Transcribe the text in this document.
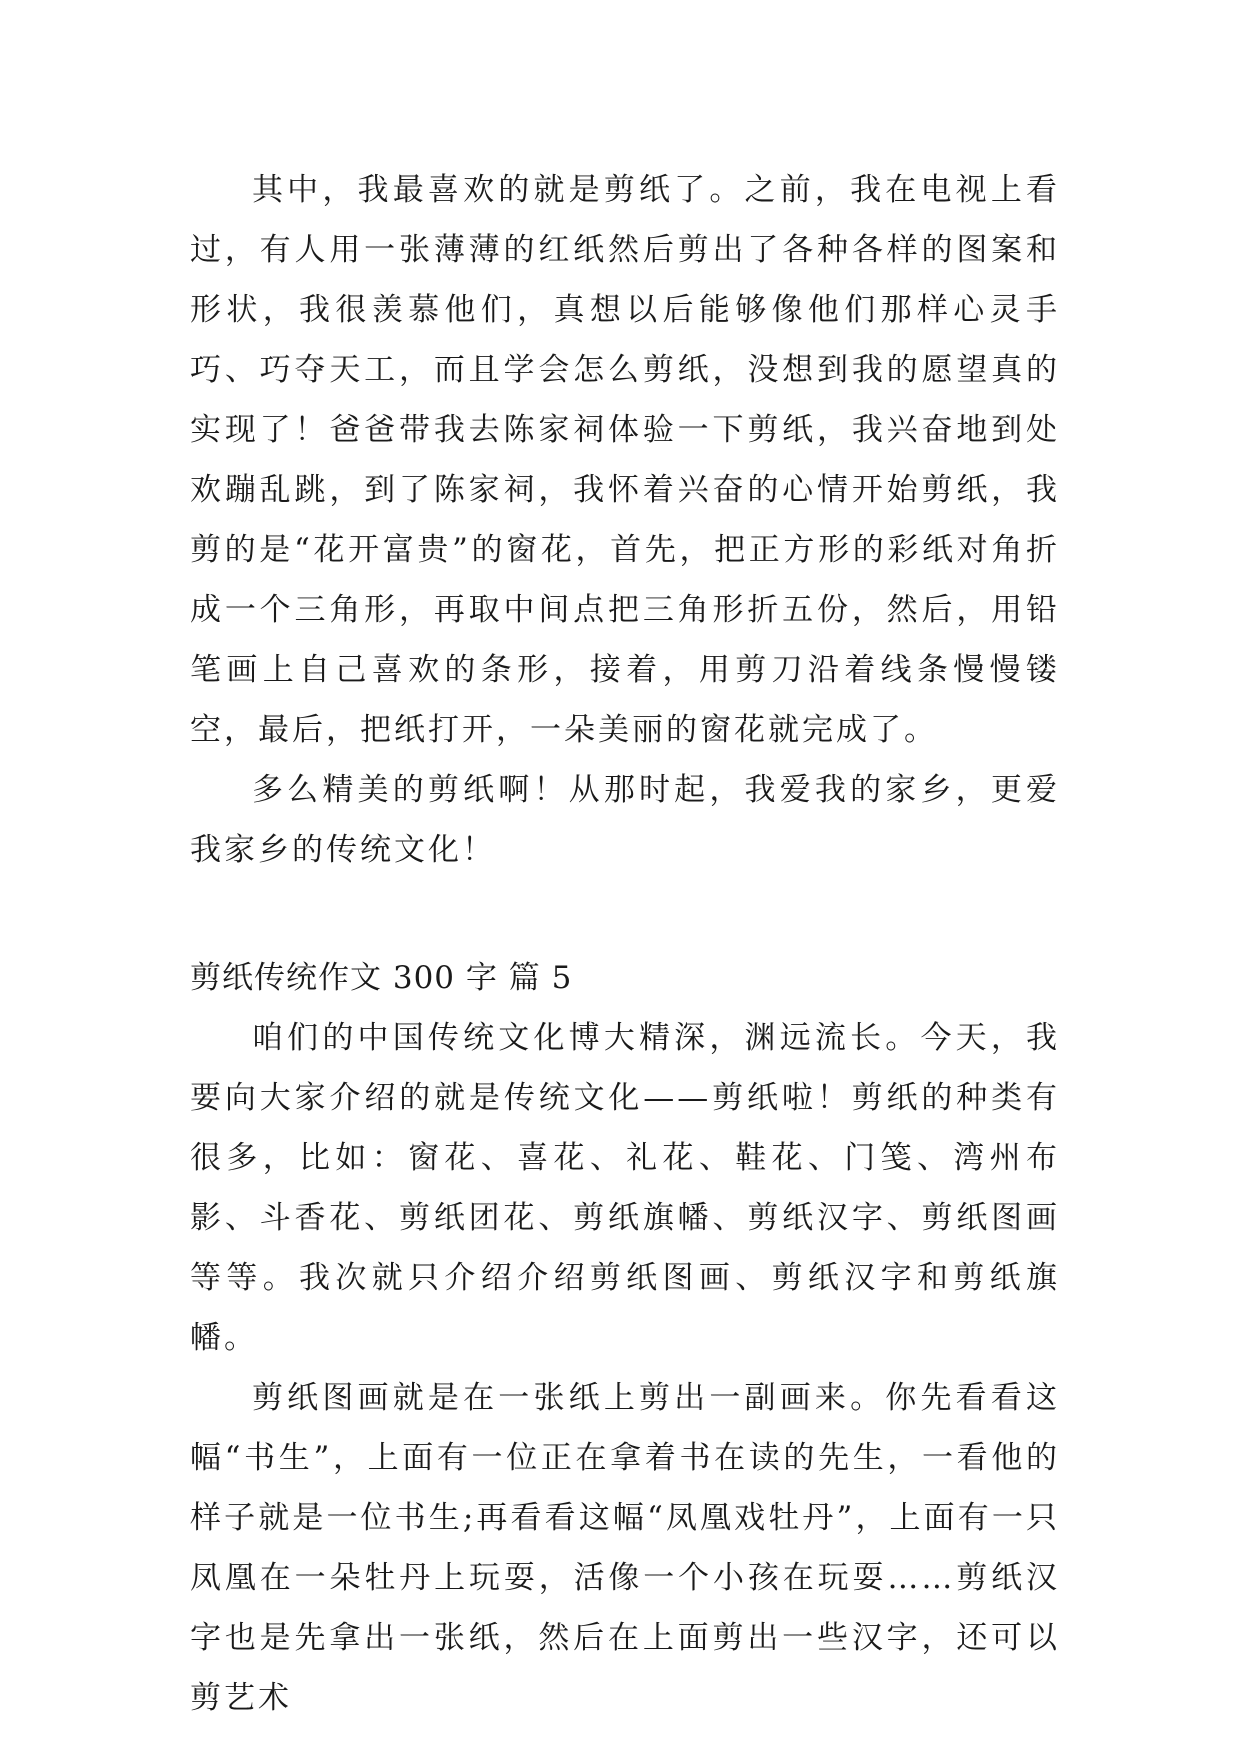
其中，我最喜欢的就是剪纸了。之前，我在电视上看过，有人用一张薄薄的红纸然后剪出了各种各样的图案和形状，我很羡慕他们，真想以后能够像他们那样心灵手巧、巧夺天工，而且学会怎么剪纸，没想到我的愿望真的实现了！爸爸带我去陈家祠体验一下剪纸，我兴奋地到处欢蹦乱跳，到了陈家祠，我怀着兴奋的心情开始剪纸，我剪的是“花开富贵”的窗花，首先，把正方形的彩纸对角折成一个三角形，再取中间点把三角形折五份，然后，用铅笔画上自己喜欢的条形，接着，用剪刀沿着线条慢慢镂空，最后，把纸打开，一朵美丽的窗花就完成了。

多么精美的剪纸啊！从那时起，我爱我的家乡，更爱我家乡的传统文化！

剪纸传统作文 300 字 篇 5

咱们的中国传统文化博大精深，渊远流长。今天，我要向大家介绍的就是传统文化——剪纸啦！剪纸的种类有很多，比如：窗花、喜花、礼花、鞋花、门笺、湾州布影、斗香花、剪纸团花、剪纸旗幡、剪纸汉字、剪纸图画等等。我次就只介绍介绍剪纸图画、剪纸汉字和剪纸旗幡。

剪纸图画就是在一张纸上剪出一副画来。你先看看这幅“书生”，上面有一位正在拿着书在读的先生，一看他的样子就是一位书生;再看看这幅“凤凰戏牡丹”，上面有一只凤凰在一朵牡丹上玩耍，活像一个小孩在玩耍……剪纸汉字也是先拿出一张纸，然后在上面剪出一些汉字，还可以剪艺术
